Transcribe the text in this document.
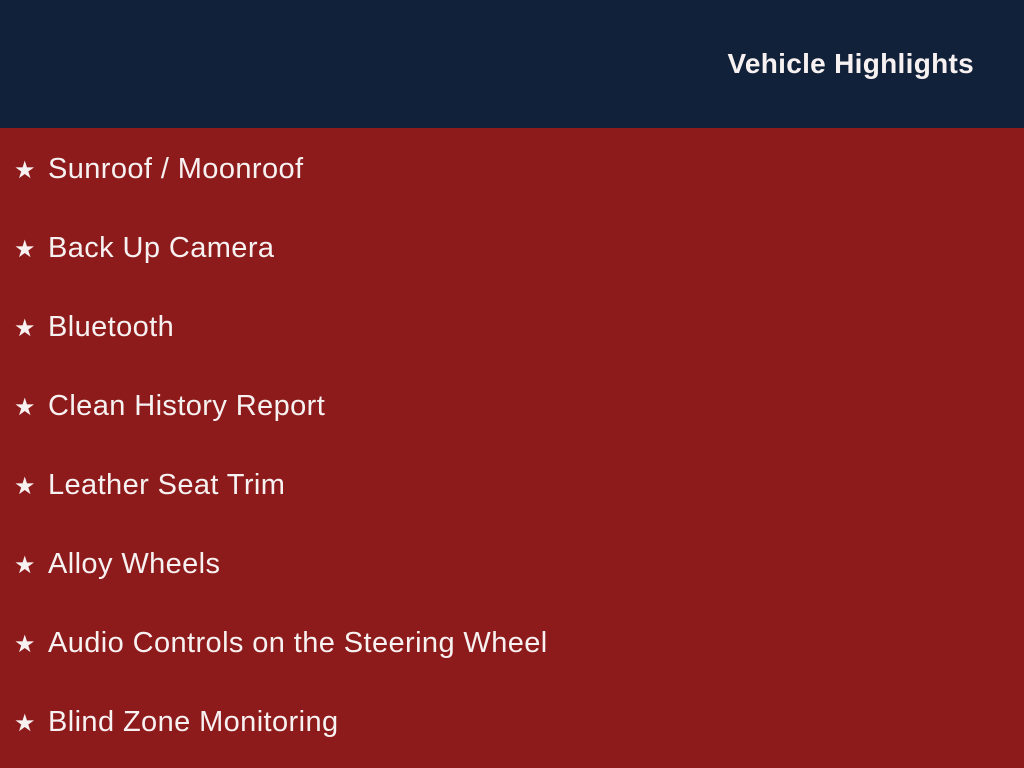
Vehicle Highlights
★ Sunroof / Moonroof
★ Back Up Camera
★ Bluetooth
★ Clean History Report
★ Leather Seat Trim
★ Alloy Wheels
★ Audio Controls on the Steering Wheel
★ Blind Zone Monitoring
